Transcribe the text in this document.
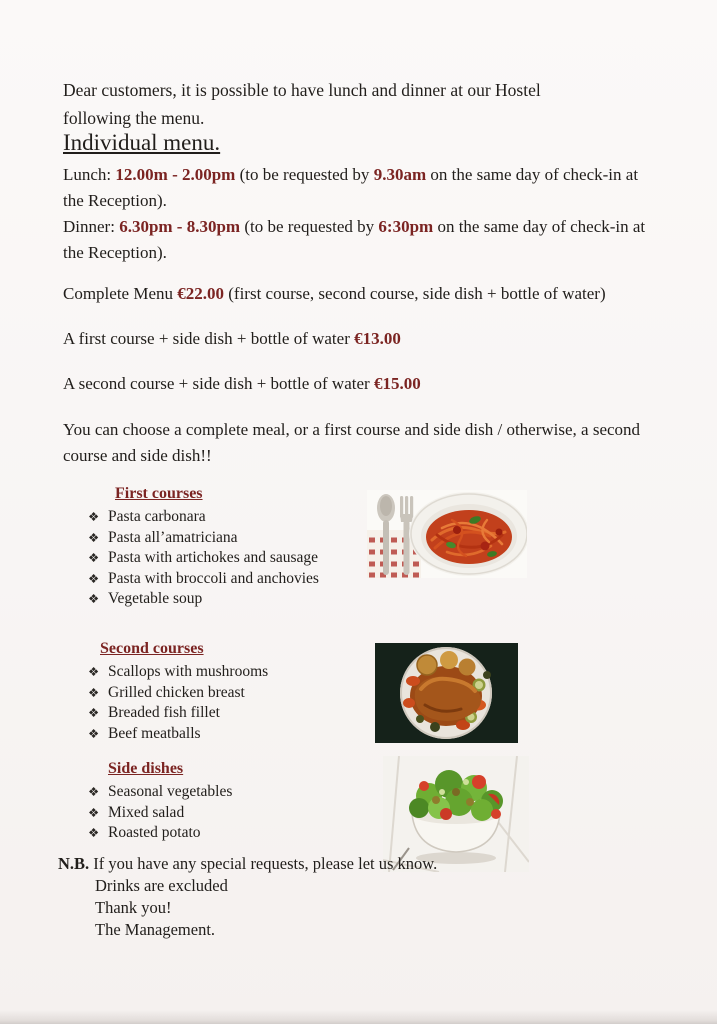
Dear customers, it is possible to have lunch and dinner at our Hostel
following the menu.
Individual menu.
Lunch: 12.00m - 2.00pm (to be requested by 9.30am on the same day of check-in at
the Reception).
Dinner: 6.30pm - 8.30pm (to be requested by 6:30pm on the same day of check-in at
the Reception).
Complete Menu €22.00 (first course, second course, side dish + bottle of water)
A first course + side dish + bottle of water €13.00
A second course + side dish + bottle of water €15.00
You can choose a complete meal, or a first course and side dish / otherwise, a second
course and side dish!!
First courses
❖ Pasta carbonara
❖ Pasta all’amatriciana
❖ Pasta with artichokes and sausage
❖ Pasta with broccoli and anchovies
❖ Vegetable soup
Second courses
❖ Scallops with mushrooms
❖ Grilled chicken breast
❖ Breaded fish fillet
❖ Beef meatballs
Side dishes
❖ Seasonal vegetables
❖ Mixed salad
❖ Roasted potato
N.B. If you have any special requests, please let us know.
Drinks are excluded
Thank you!
The Management.
